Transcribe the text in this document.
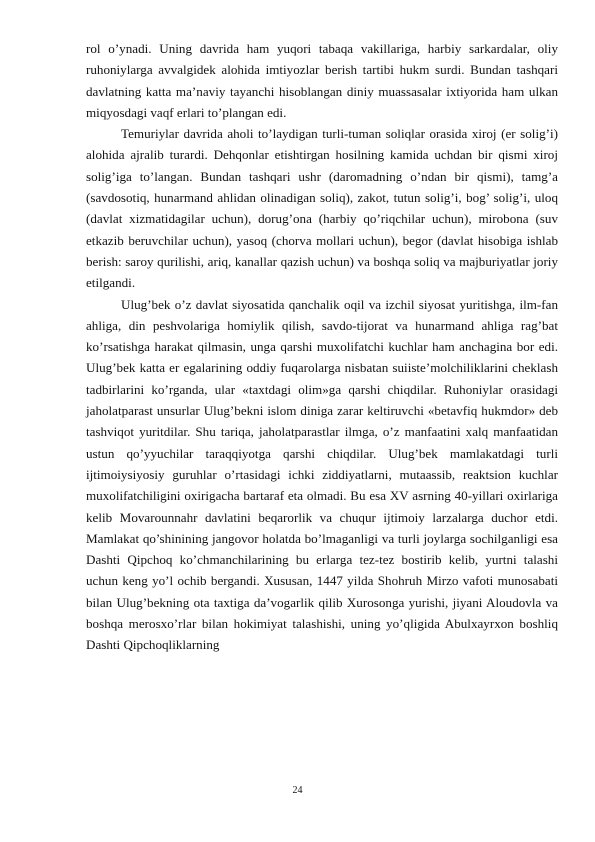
rol o’ynadi. Uning davrida ham yuqori tabaqa vakillariga, harbiy sarkardalar, oliy ruhoniylarga avvalgidek alohida imtiyozlar berish tartibi hukm surdi. Bundan tashqari davlatning katta ma’naviy tayanchi hisoblangan diniy muassasalar ixtiyorida ham ulkan miqyosdagi vaqf erlari to’plangan edi.

Temuriylar davrida aholi to’laydigan turli-tuman soliqlar orasida xiroj (er solig’i) alohida ajralib turardi. Dehqonlar etishtirgan hosilning kamida uchdan bir qismi xiroj solig’iga to’langan. Bundan tashqari ushr (daromadning o’ndan bir qismi), tamg’a (savdosotiq, hunarmand ahlidan olinadigan soliq), zakot, tutun solig’i, bog’ solig’i, uloq (davlat xizmatidagilar uchun), dorug’ona (harbiy qo’riqchilar uchun), mirobona (suv etkazib beruvchilar uchun), yasoq (chorva mollari uchun), begor (davlat hisobiga ishlab berish: saroy qurilishi, ariq, kanallar qazish uchun) va boshqa soliq va majburiyatlar joriy etilgandi.

Ulug’bek o’z davlat siyosatida qanchalik oqil va izchil siyosat yuritishga, ilm-fan ahliga, din peshvolariga homiylik qilish, savdo-tijorat va hunarmand ahliga rag’bat ko’rsatishga harakat qilmasin, unga qarshi muxolifatchi kuchlar ham anchagina bor edi. Ulug’bek katta er egalarining oddiy fuqarolarga nisbatan suiiste’molchiliklarini cheklash tadbirlarini ko’rganda, ular «taxtdagi olim»ga qarshi chiqdilar. Ruhoniylar orasidagi jaholatparast unsurlar Ulug’bekni islom diniga zarar keltiruvchi «betavfiq hukmdor» deb tashviqot yuritdilar. Shu tariqa, jaholatparastlar ilmga, o’z manfaatini xalq manfaatidan ustun qo’yyuchilar taraqqiyotga qarshi chiqdilar. Ulug’bek mamlakatdagi turli ijtimoiysiyosiy guruhlar o’rtasidagi ichki ziddiyatlarni, mutaassib, reaktsion kuchlar muxolifatchiligini oxirigacha bartaraf eta olmadi. Bu esa XV asrning 40-yillari oxirlariga kelib Movarounnahr davlatini beqarorlik va chuqur ijtimoiy larzalarga duchor etdi. Mamlakat qo’shinining jangovor holatda bo’lmaganligi va turli joylarga sochilganligi esa Dashti Qipchoq ko’chmanchilarining bu erlarga tez-tez bostirib kelib, yurtni talashi uchun keng yo’l ochib bergandi. Xususan, 1447 yilda Shohruh Mirzo vafoti munosabati bilan Ulug’bekning ota taxtiga da’vogarlik qilib Xurosonga yurishi, jiyani Aloudovla va boshqa merosxo’rlar bilan hokimiyat talashishi, uning yo’qligida Abulxayrxon boshliq Dashti Qipchoqliklarning

24
